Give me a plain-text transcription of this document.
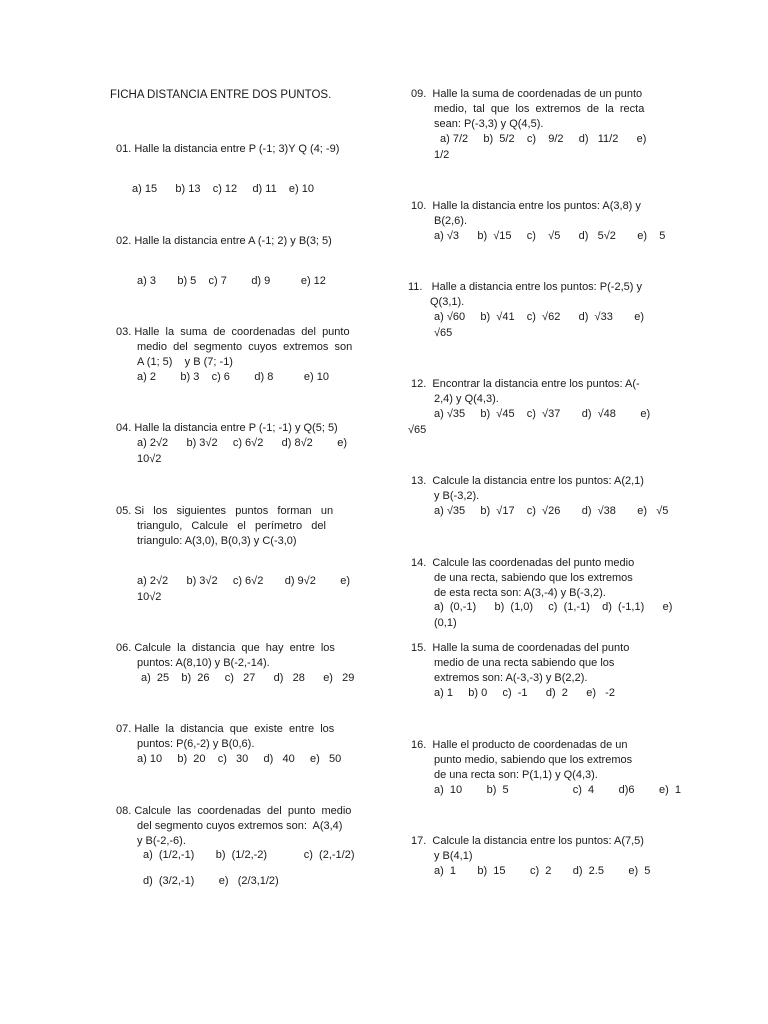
FICHA DISTANCIA ENTRE DOS PUNTOS.
01. Halle la distancia entre P (-1; 3)Y Q (4; -9)
a) 15      b) 13    c) 12     d) 11    e) 10
02. Halle la distancia entre A (-1; 2) y B(3; 5)
a) 3       b) 5    c) 7        d) 9          e) 12
03. Halle  la  suma  de  coordenadas  del  punto
medio  del  segmento  cuyos  extremos  son
A (1; 5)    y B (7; -1)
a) 2        b) 3    c) 6        d) 8          e) 10
04. Halle la distancia entre P (-1; -1) y Q(5; 5)
a) 2√2      b) 3√2     c) 6√2      d) 8√2        e)
10√2
05. Si   los   siguientes   puntos   forman   un
triangulo,   Calcule   el   perímetro   del
triangulo: A(3,0), B(0,3) y C(-3,0)
a) 2√2      b) 3√2     c) 6√2       d) 9√2        e)
10√2
06. Calcule  la  distancia  que  hay  entre  los
puntos: A(8,10) y B(-2,-14).
a)  25    b)  26     c)   27      d)   28      e)   29
07. Halle  la  distancia  que  existe  entre  los
puntos: P(6,-2) y B(0,6).
a) 10     b)  20    c)   30     d)   40     e)   50
08. Calcule  las  coordenadas  del  punto  medio
del segmento cuyos extremos son:  A(3,4)
y B(-2,-6).
a)  (1/2,-1)       b)  (1/2,-2)            c)  (2,-1/2)
d)  (3/2,-1)        e)   (2/3,1/2)
09.  Halle la suma de coordenadas de un punto
medio,  tal  que  los  extremos  de  la  recta
sean: P(-3,3) y Q(4,5).
a) 7/2     b)  5/2    c)    9/2     d)   11/2      e)
1/2
10.  Halle la distancia entre los puntos: A(3,8) y
B(2,6).
a) √3      b)  √15     c)    √5      d)   5√2       e)    5
11.   Halle a distancia entre los puntos: P(-2,5) y
Q(3,1).
a) √60     b)  √41    c)  √62      d)  √33       e)
√65
12.  Encontrar la distancia entre los puntos: A(-
2,4) y Q(4,3).
a) √35     b)  √45    c)  √37       d)  √48        e)
√65
13.  Calcule la distancia entre los puntos: A(2,1)
y B(-3,2).
a) √35     b)  √17    c)  √26       d)  √38       e)   √5
14.  Calcule las coordenadas del punto medio
de una recta, sabiendo que los extremos
de esta recta son: A(3,-4) y B(-3,2).
a)  (0,-1)      b)  (1,0)     c)  (1,-1)    d)  (-1,1)      e)
(0,1)
15.  Halle la suma de coordenadas del punto
medio de una recta sabiendo que los
extremos son: A(-3,-3) y B(2,2).
a) 1     b) 0     c)  -1      d)  2      e)   -2
16.  Halle el producto de coordenadas de un
punto medio, sabiendo que los extremos
de una recta son: P(1,1) y Q(4,3).
a)  10        b)  5                     c)  4        d)6        e)  1
17.  Calcule la distancia entre los puntos: A(7,5)
y B(4,1)
a)  1       b)  15        c)  2       d)  2.5        e)  5
